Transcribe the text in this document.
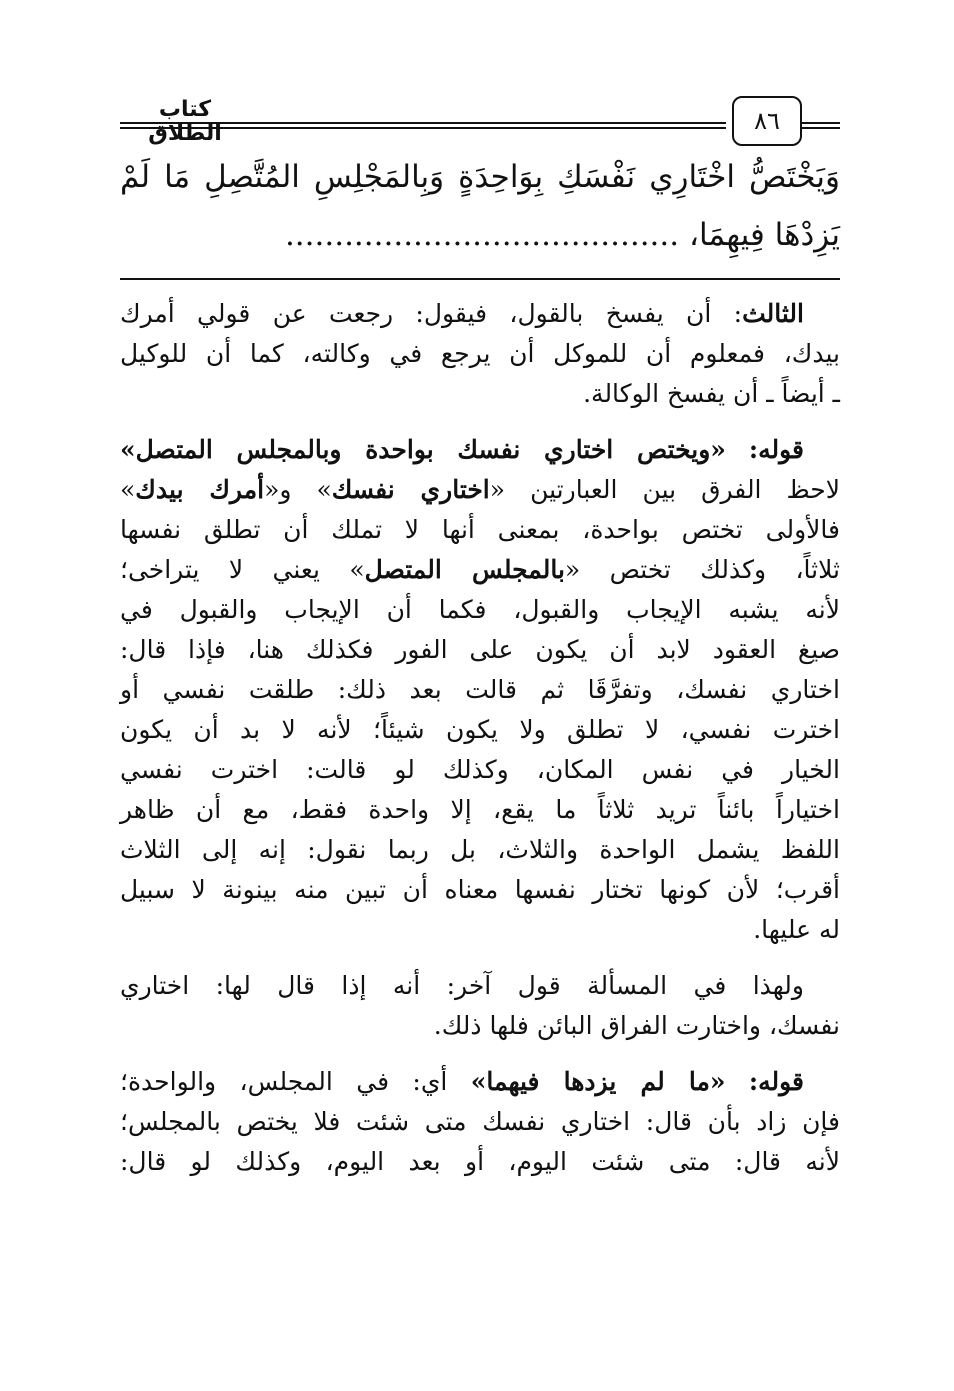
٨٦
كتاب الطلاق
وَيَخْتَصُّ اخْتَارِي نَفْسَكِ بِوَاحِدَةٍ وَبِالمَجْلِسِ المُتَّصِلِ مَا لَمْ
يَزِدْهَا فِيهِمَا، ........................................
الثالث: أن يفسخ بالقول، فيقول: رجعت عن قولي أمرك
بيدك، فمعلوم أن للموكل أن يرجع في وكالته، كما أن للوكيل
ـ أيضاً ـ أن يفسخ الوكالة.
قوله: «ويختص اختاري نفسك بواحدة وبالمجلس المتصل»
لاحظ الفرق بين العبارتين «اختاري نفسك» و«أمرك بيدك»
فالأولى تختص بواحدة، بمعنى أنها لا تملك أن تطلق نفسها
ثلاثاً، وكذلك تختص «بالمجلس المتصل» يعني لا يتراخى؛
لأنه يشبه الإيجاب والقبول، فكما أن الإيجاب والقبول في
صيغ العقود لابد أن يكون على الفور فكذلك هنا، فإذا قال:
اختاري نفسك، وتفرَّقَا ثم قالت بعد ذلك: طلقت نفسي أو
اخترت نفسي، لا تطلق ولا يكون شيئاً؛ لأنه لا بد أن يكون
الخيار في نفس المكان، وكذلك لو قالت: اخترت نفسي
اختياراً بائناً تريد ثلاثاً ما يقع، إلا واحدة فقط، مع أن ظاهر
اللفظ يشمل الواحدة والثلاث، بل ربما نقول: إنه إلى الثلاث
أقرب؛ لأن كونها تختار نفسها معناه أن تبين منه بينونة لا سبيل
له عليها.
ولهذا في المسألة قول آخر: أنه إذا قال لها: اختاري
نفسك، واختارت الفراق البائن فلها ذلك.
قوله: «ما لم يزدها فيهما» أي: في المجلس، والواحدة؛
فإن زاد بأن قال: اختاري نفسك متى شئت فلا يختص بالمجلس؛
لأنه قال: متى شئت اليوم، أو بعد اليوم، وكذلك لو قال:
